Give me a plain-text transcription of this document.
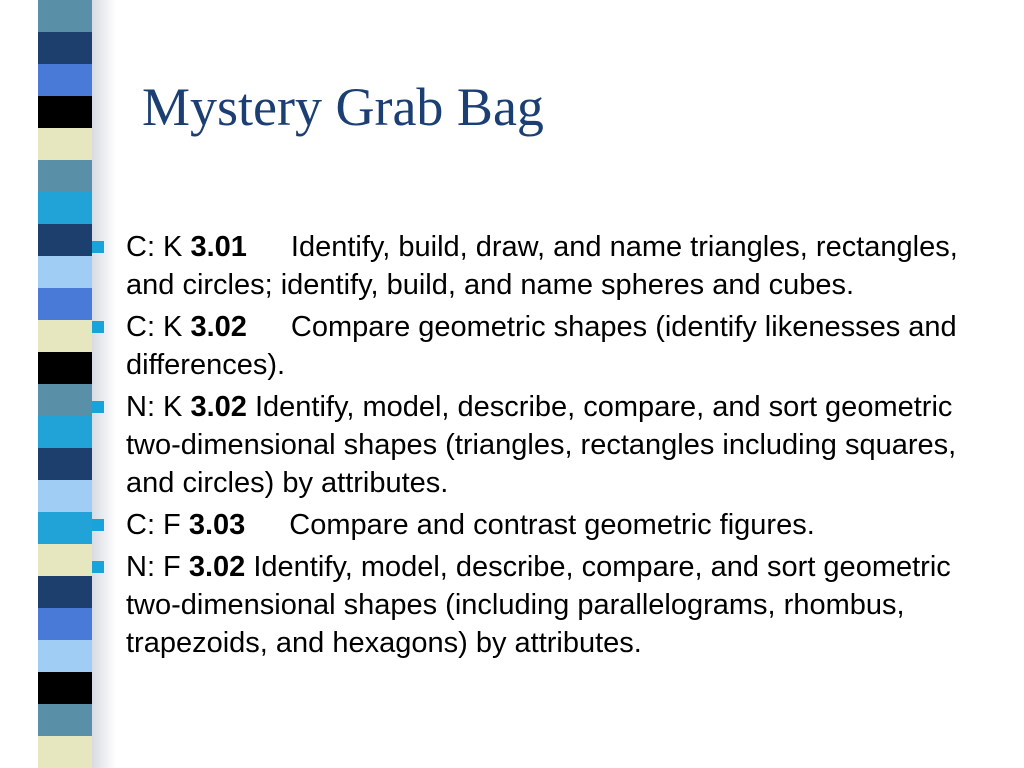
Mystery Grab Bag
C: K 3.01 Identify, build, draw, and name triangles, rectangles, and circles; identify, build, and name spheres and cubes.
C: K 3.02 Compare geometric shapes (identify likenesses and differences).
N: K 3.02 Identify, model, describe, compare, and sort geometric two-dimensional shapes (triangles, rectangles including squares, and circles) by attributes.
C: F 3.03 Compare and contrast geometric figures.
N: F 3.02 Identify, model, describe, compare, and sort geometric two-dimensional shapes (including parallelograms, rhombus, trapezoids, and hexagons) by attributes.
